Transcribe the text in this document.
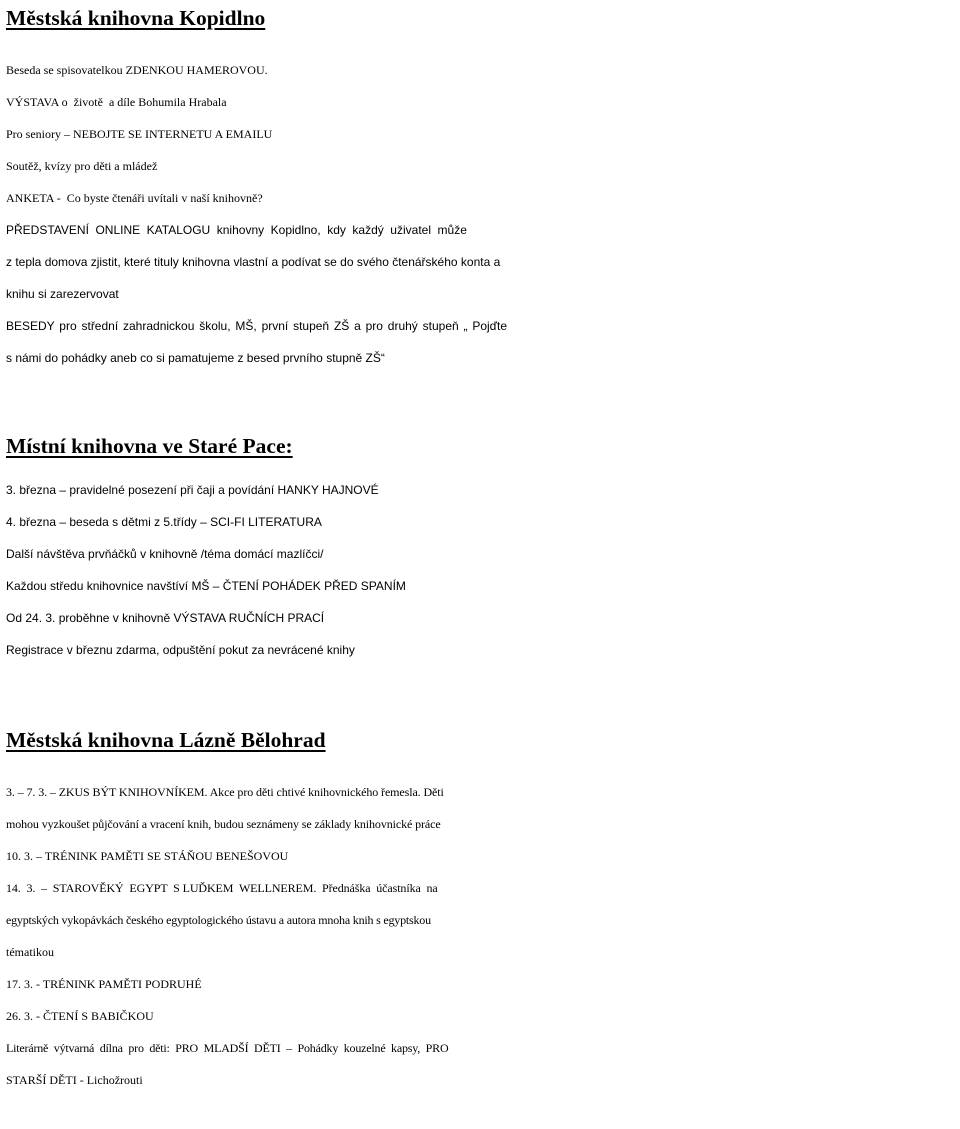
Městská knihovna Kopidlno

Beseda se spisovatelkou ZDENKOU HAMEROVOU.

VÝSTAVA o  životě  a díle Bohumila Hrabala

Pro seniory – NEBOJTE SE INTERNETU A EMAILU

Soutěž, kvízy pro děti a mládež

ANKETA -  Co byste čtenáři uvítali v naší knihovně?

PŘEDSTAVENÍ ONLINE KATALOGU knihovny Kopidlno, kdy každý uživatel může

z tepla domova zjistit, které tituly knihovna vlastní a podívat se do svého čtenářského konta a

knihu si zarezervovat

BESEDY pro střední zahradnickou školu, MŠ, první stupeň ZŠ a pro druhý stupeň „ Pojďte

s námi do pohádky aneb co si pamatujeme z besed prvního stupně ZŠ“

Místní knihovna ve Staré Pace:

3. března – pravidelné posezení při čaji a povídání HANKY HAJNOVÉ

4. března – beseda s dětmi z 5.třídy – SCI-FI LITERATURA

Další návštěva prvňáčků v knihovně /téma domácí mazlíčci/

Každou středu knihovnice navštíví MŠ – ČTENÍ POHÁDEK PŘED SPANÍM

Od 24. 3. proběhne v knihovně VÝSTAVA RUČNÍCH PRACÍ

Registrace v březnu zdarma, odpuštění pokut za nevrácené knihy

Městská knihovna Lázně Bělohrad

3. – 7. 3. – ZKUS BÝT KNIHOVNÍKEM. Akce pro děti chtivé knihovnického řemesla. Děti

mohou vyzkoušet půjčování a vracení knih, budou seznámeny se základy knihovnické práce

10. 3. – TRÉNINK PAMĚTI SE STÁŇOU BENEŠOVOU

14.  3.  –  STAROVĚKÝ  EGYPT  S LUĎKEM  WELLNEREM.  Přednáška  účastníka  na

egyptských vykopávkách českého egyptologického ústavu a autora mnoha knih s egyptskou

tématikou

17. 3. - TRÉNINK PAMĚTI PODRUHÉ

26. 3. - ČTENÍ S BABIČKOU

Literárně  výtvarná  dílna  pro  děti:  PRO  MLADŠÍ  DĚTI  –  Pohádky  kouzelné  kapsy,  PRO

STARŠÍ DĚTI - Lichožrouti
